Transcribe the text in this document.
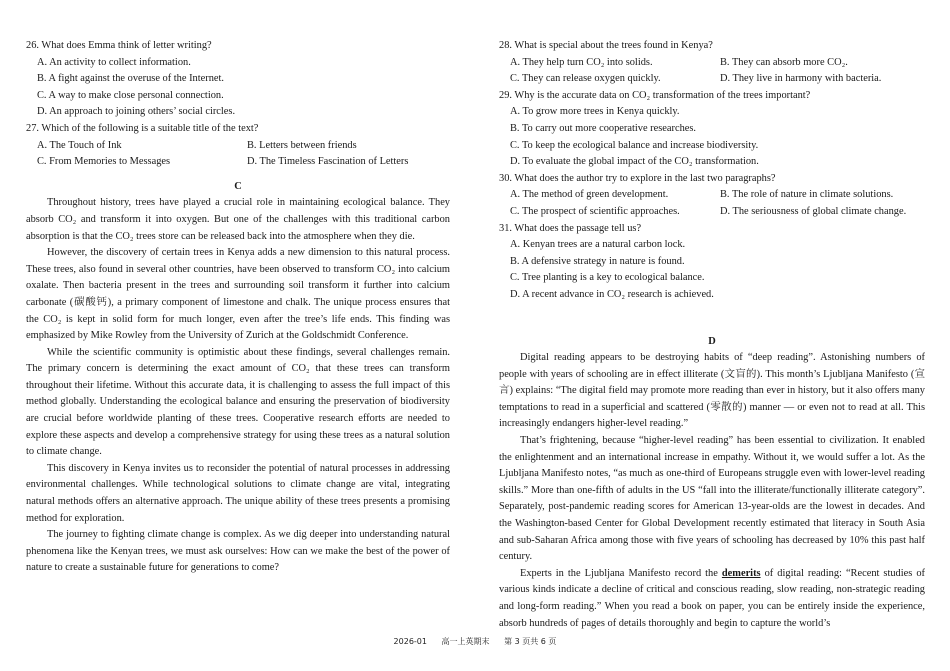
26. What does Emma think of letter writing?
A. An activity to collect information.
B. A fight against the overuse of the Internet.
C. A way to make close personal connection.
D. An approach to joining others’ social circles.
27. Which of the following is a suitable title of the text?
A. The Touch of Ink	B. Letters between friends
C. From Memories to Messages	D. The Timeless Fascination of Letters
C

Throughout history, trees have played a crucial role in maintaining ecological balance. They absorb CO₂ and transform it into oxygen. But one of the challenges with this traditional carbon absorption is that the CO₂ trees store can be released back into the atmosphere when they die.

However, the discovery of certain trees in Kenya adds a new dimension to this natural process. These trees, also found in several other countries, have been observed to transform CO₂ into calcium oxalate. Then bacteria present in the trees and surrounding soil transform it further into calcium carbonate (碳酸钙), a primary component of limestone and chalk. The unique process ensures that the CO₂ is kept in solid form for much longer, even after the tree’s life ends. This finding was emphasized by Mike Rowley from the University of Zurich at the Goldschmidt Conference.

While the scientific community is optimistic about these findings, several challenges remain. The primary concern is determining the exact amount of CO₂ that these trees can transform throughout their lifetime. Without this accurate data, it is challenging to assess the full impact of this method globally. Understanding the ecological balance and ensuring the preservation of biodiversity are crucial before worldwide planting of these trees. Cooperative research efforts are needed to explore these aspects and develop a comprehensive strategy for using these trees as a natural solution to climate change.

This discovery in Kenya invites us to reconsider the potential of natural processes in addressing environmental challenges. While technological solutions to climate change are vital, integrating natural methods offers an alternative approach. The unique ability of these trees presents a promising method for exploration.

The journey to fighting climate change is complex. As we dig deeper into understanding natural phenomena like the Kenyan trees, we must ask ourselves: How can we make the best of the power of nature to create a sustainable future for generations to come?

28. What is special about the trees found in Kenya?
A. They help turn CO₂ into solids.	B. They can absorb more CO₂.
C. They can release oxygen quickly.	D. They live in harmony with bacteria.
29. Why is the accurate data on CO₂ transformation of the trees important?
A. To grow more trees in Kenya quickly.
B. To carry out more cooperative researches.
C. To keep the ecological balance and increase biodiversity.
D. To evaluate the global impact of the CO₂ transformation.
30. What does the author try to explore in the last two paragraphs?
A. The method of green development.	B. The role of nature in climate solutions.
C. The prospect of scientific approaches.	D. The seriousness of global climate change.
31. What does the passage tell us?
A. Kenyan trees are a natural carbon lock.
B. A defensive strategy in nature is found.
C. Tree planting is a key to ecological balance.
D. A recent advance in CO₂ research is achieved.
D

Digital reading appears to be destroying habits of “deep reading”. Astonishing numbers of people with years of schooling are in effect illiterate (文盲的). This month’s Ljubljana Manifesto (宣言) explains: “The digital field may promote more reading than ever in history, but it also offers many temptations to read in a superficial and scattered (零散的) manner — or even not to read at all. This increasingly endangers higher-level reading.”

That’s frightening, because “higher-level reading” has been essential to civilization. It enabled the enlightenment and an international increase in empathy. Without it, we would suffer a lot. As the Ljubljana Manifesto notes, “as much as one-third of Europeans struggle even with lower-level reading skills.” More than one-fifth of adults in the US “fall into the illiterate/functionally illiterate category”. Separately, post-pandemic reading scores for American 13-year-olds are the lowest in decades. And the Washington-based Center for Global Development recently estimated that literacy in South Asia and sub-Saharan Africa among those with five years of schooling has decreased by 10% this past half century.

Experts in the Ljubljana Manifesto record the demerits of digital reading: “Recent studies of various kinds indicate a decline of critical and conscious reading, slow reading, non-strategic reading and long-form reading.” When you read a book on paper, you can be entirely inside the experience, absorb hundreds of pages of details thoroughly and begin to capture the world’s

2026-01 高一上英期末 第 3 页共 6 页
